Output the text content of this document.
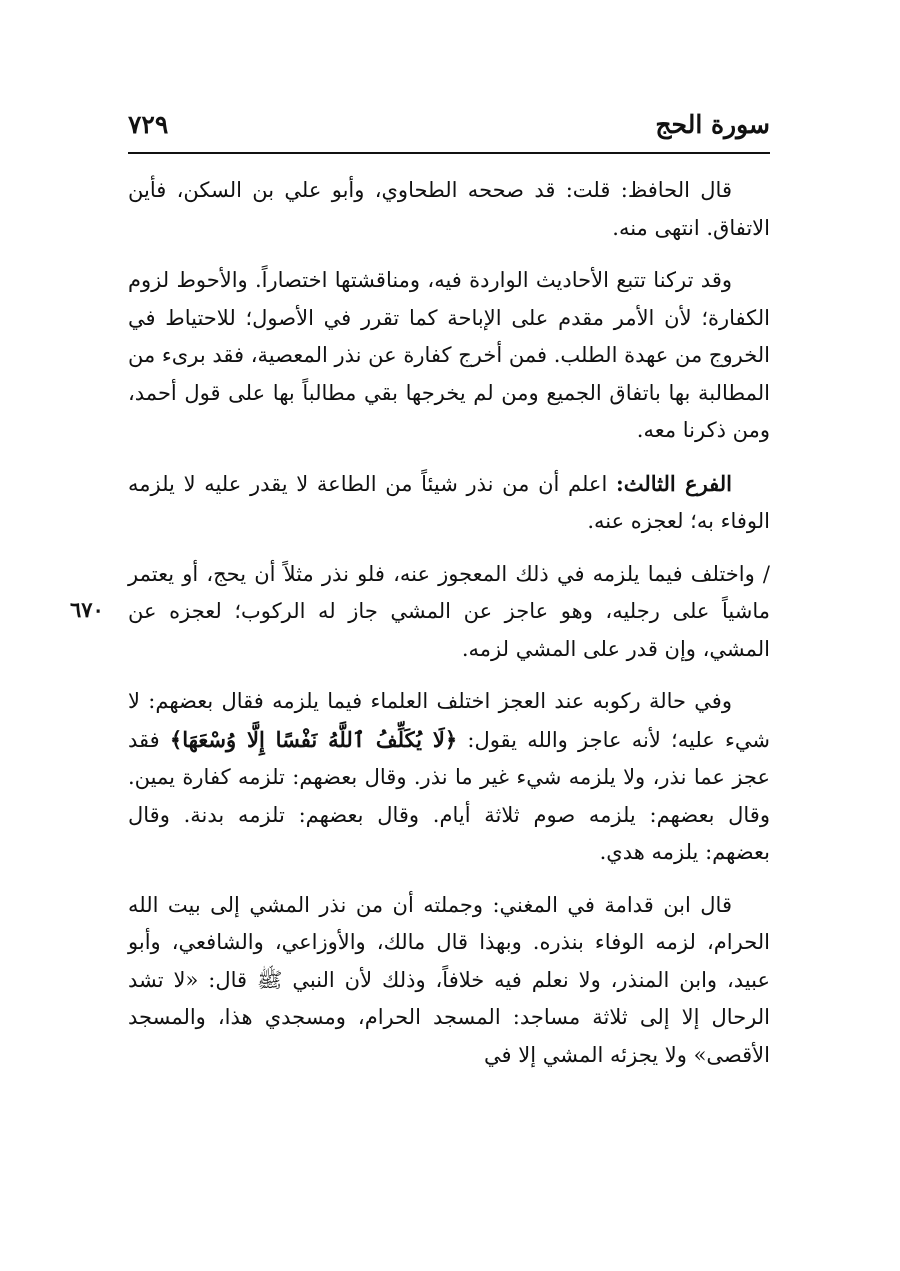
سورة الحج
٧٢٩
٦٧٠

قال الحافظ: قلت: قد صححه الطحاوي، وأبو علي بن السكن، فأين الاتفاق. انتهى منه.

وقد تركنا تتبع الأحاديث الواردة فيه، ومناقشتها اختصاراً. والأحوط لزوم الكفارة؛ لأن الأمر مقدم على الإباحة كما تقرر في الأصول؛ للاحتياط في الخروج من عهدة الطلب. فمن أخرج كفارة عن نذر المعصية، فقد برىء من المطالبة بها باتفاق الجميع ومن لم يخرجها بقي مطالباً بها على قول أحمد، ومن ذكرنا معه.

الفرع الثالث: اعلم أن من نذر شيئاً من الطاعة لا يقدر عليه لا يلزمه الوفاء به؛ لعجزه عنه.

/ واختلف فيما يلزمه في ذلك المعجوز عنه، فلو نذر مثلاً أن يحج، أو يعتمر ماشياً على رجليه، وهو عاجز عن المشي جاز له الركوب؛ لعجزه عن المشي، وإن قدر على المشي لزمه.

وفي حالة ركوبه عند العجز اختلف العلماء فيما يلزمه فقال بعضهم: لا شيء عليه؛ لأنه عاجز والله يقول: ﴿لَا يُكَلِّفُ ٱللَّهُ نَفْسًا إِلَّا وُسْعَهَا﴾ فقد عجز عما نذر، ولا يلزمه شيء غير ما نذر. وقال بعضهم: تلزمه كفارة يمين. وقال بعضهم: يلزمه صوم ثلاثة أيام. وقال بعضهم: تلزمه بدنة. وقال بعضهم: يلزمه هدي.

قال ابن قدامة في المغني: وجملته أن من نذر المشي إلى بيت الله الحرام، لزمه الوفاء بنذره. وبهذا قال مالك، والأوزاعي، والشافعي، وأبو عبيد، وابن المنذر، ولا نعلم فيه خلافاً، وذلك لأن النبي ﷺ قال: «لا تشد الرحال إلا إلى ثلاثة مساجد: المسجد الحرام، ومسجدي هذا، والمسجد الأقصى» ولا يجزئه المشي إلا في
